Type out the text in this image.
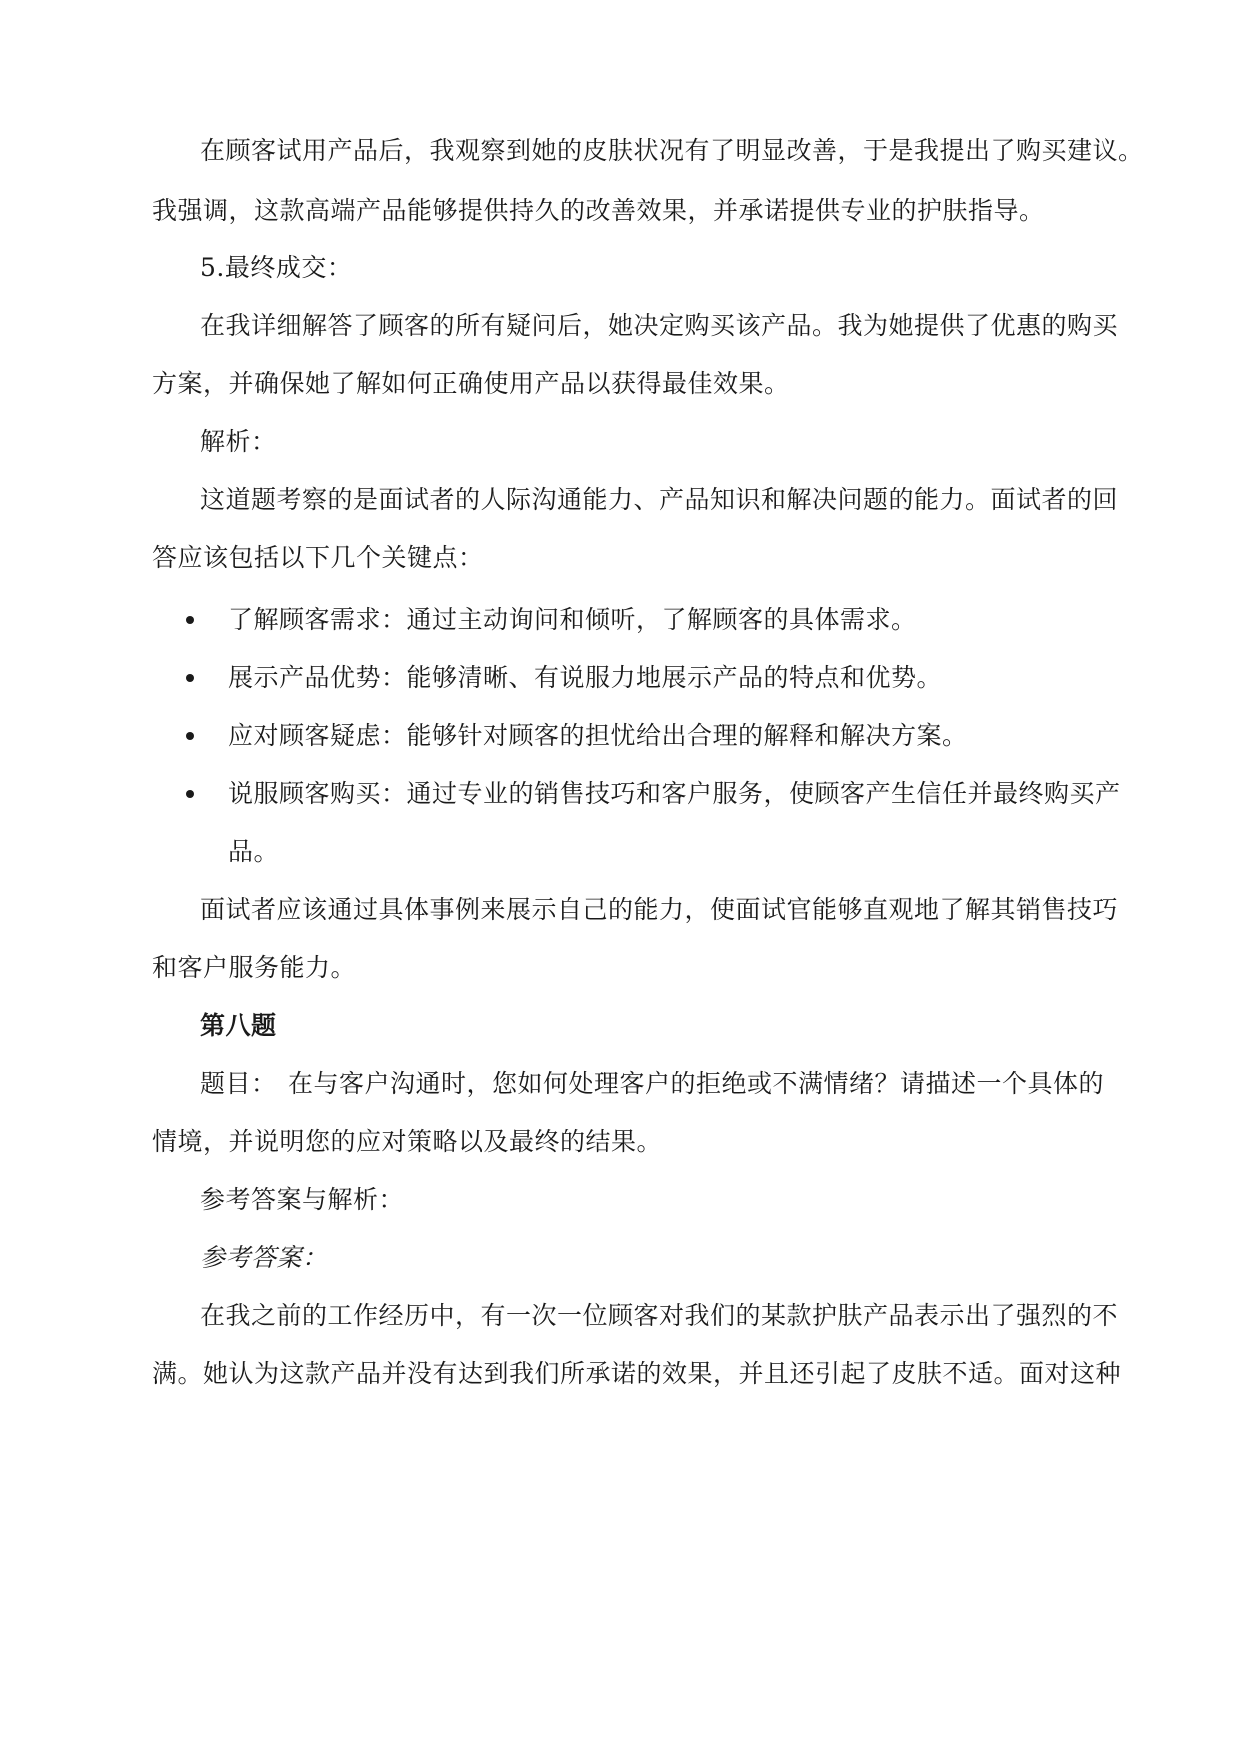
在顾客试用产品后，我观察到她的皮肤状况有了明显改善，于是我提出了购买建议。
我强调，这款高端产品能够提供持久的改善效果，并承诺提供专业的护肤指导。
5.最终成交：
在我详细解答了顾客的所有疑问后，她决定购买该产品。我为她提供了优惠的购买
方案，并确保她了解如何正确使用产品以获得最佳效果。
解析：
这道题考察的是面试者的人际沟通能力、产品知识和解决问题的能力。面试者的回
答应该包括以下几个关键点：
了解顾客需求：通过主动询问和倾听，了解顾客的具体需求。
展示产品优势：能够清晰、有说服力地展示产品的特点和优势。
应对顾客疑虑：能够针对顾客的担忧给出合理的解释和解决方案。
说服顾客购买：通过专业的销售技巧和客户服务，使顾客产生信任并最终购买产
品。
面试者应该通过具体事例来展示自己的能力，使面试官能够直观地了解其销售技巧
和客户服务能力。
第八题
题目： 在与客户沟通时，您如何处理客户的拒绝或不满情绪？请描述一个具体的
情境，并说明您的应对策略以及最终的结果。
参考答案与解析：
参考答案：
在我之前的工作经历中，有一次一位顾客对我们的某款护肤产品表示出了强烈的不
满。她认为这款产品并没有达到我们所承诺的效果，并且还引起了皮肤不适。面对这种
